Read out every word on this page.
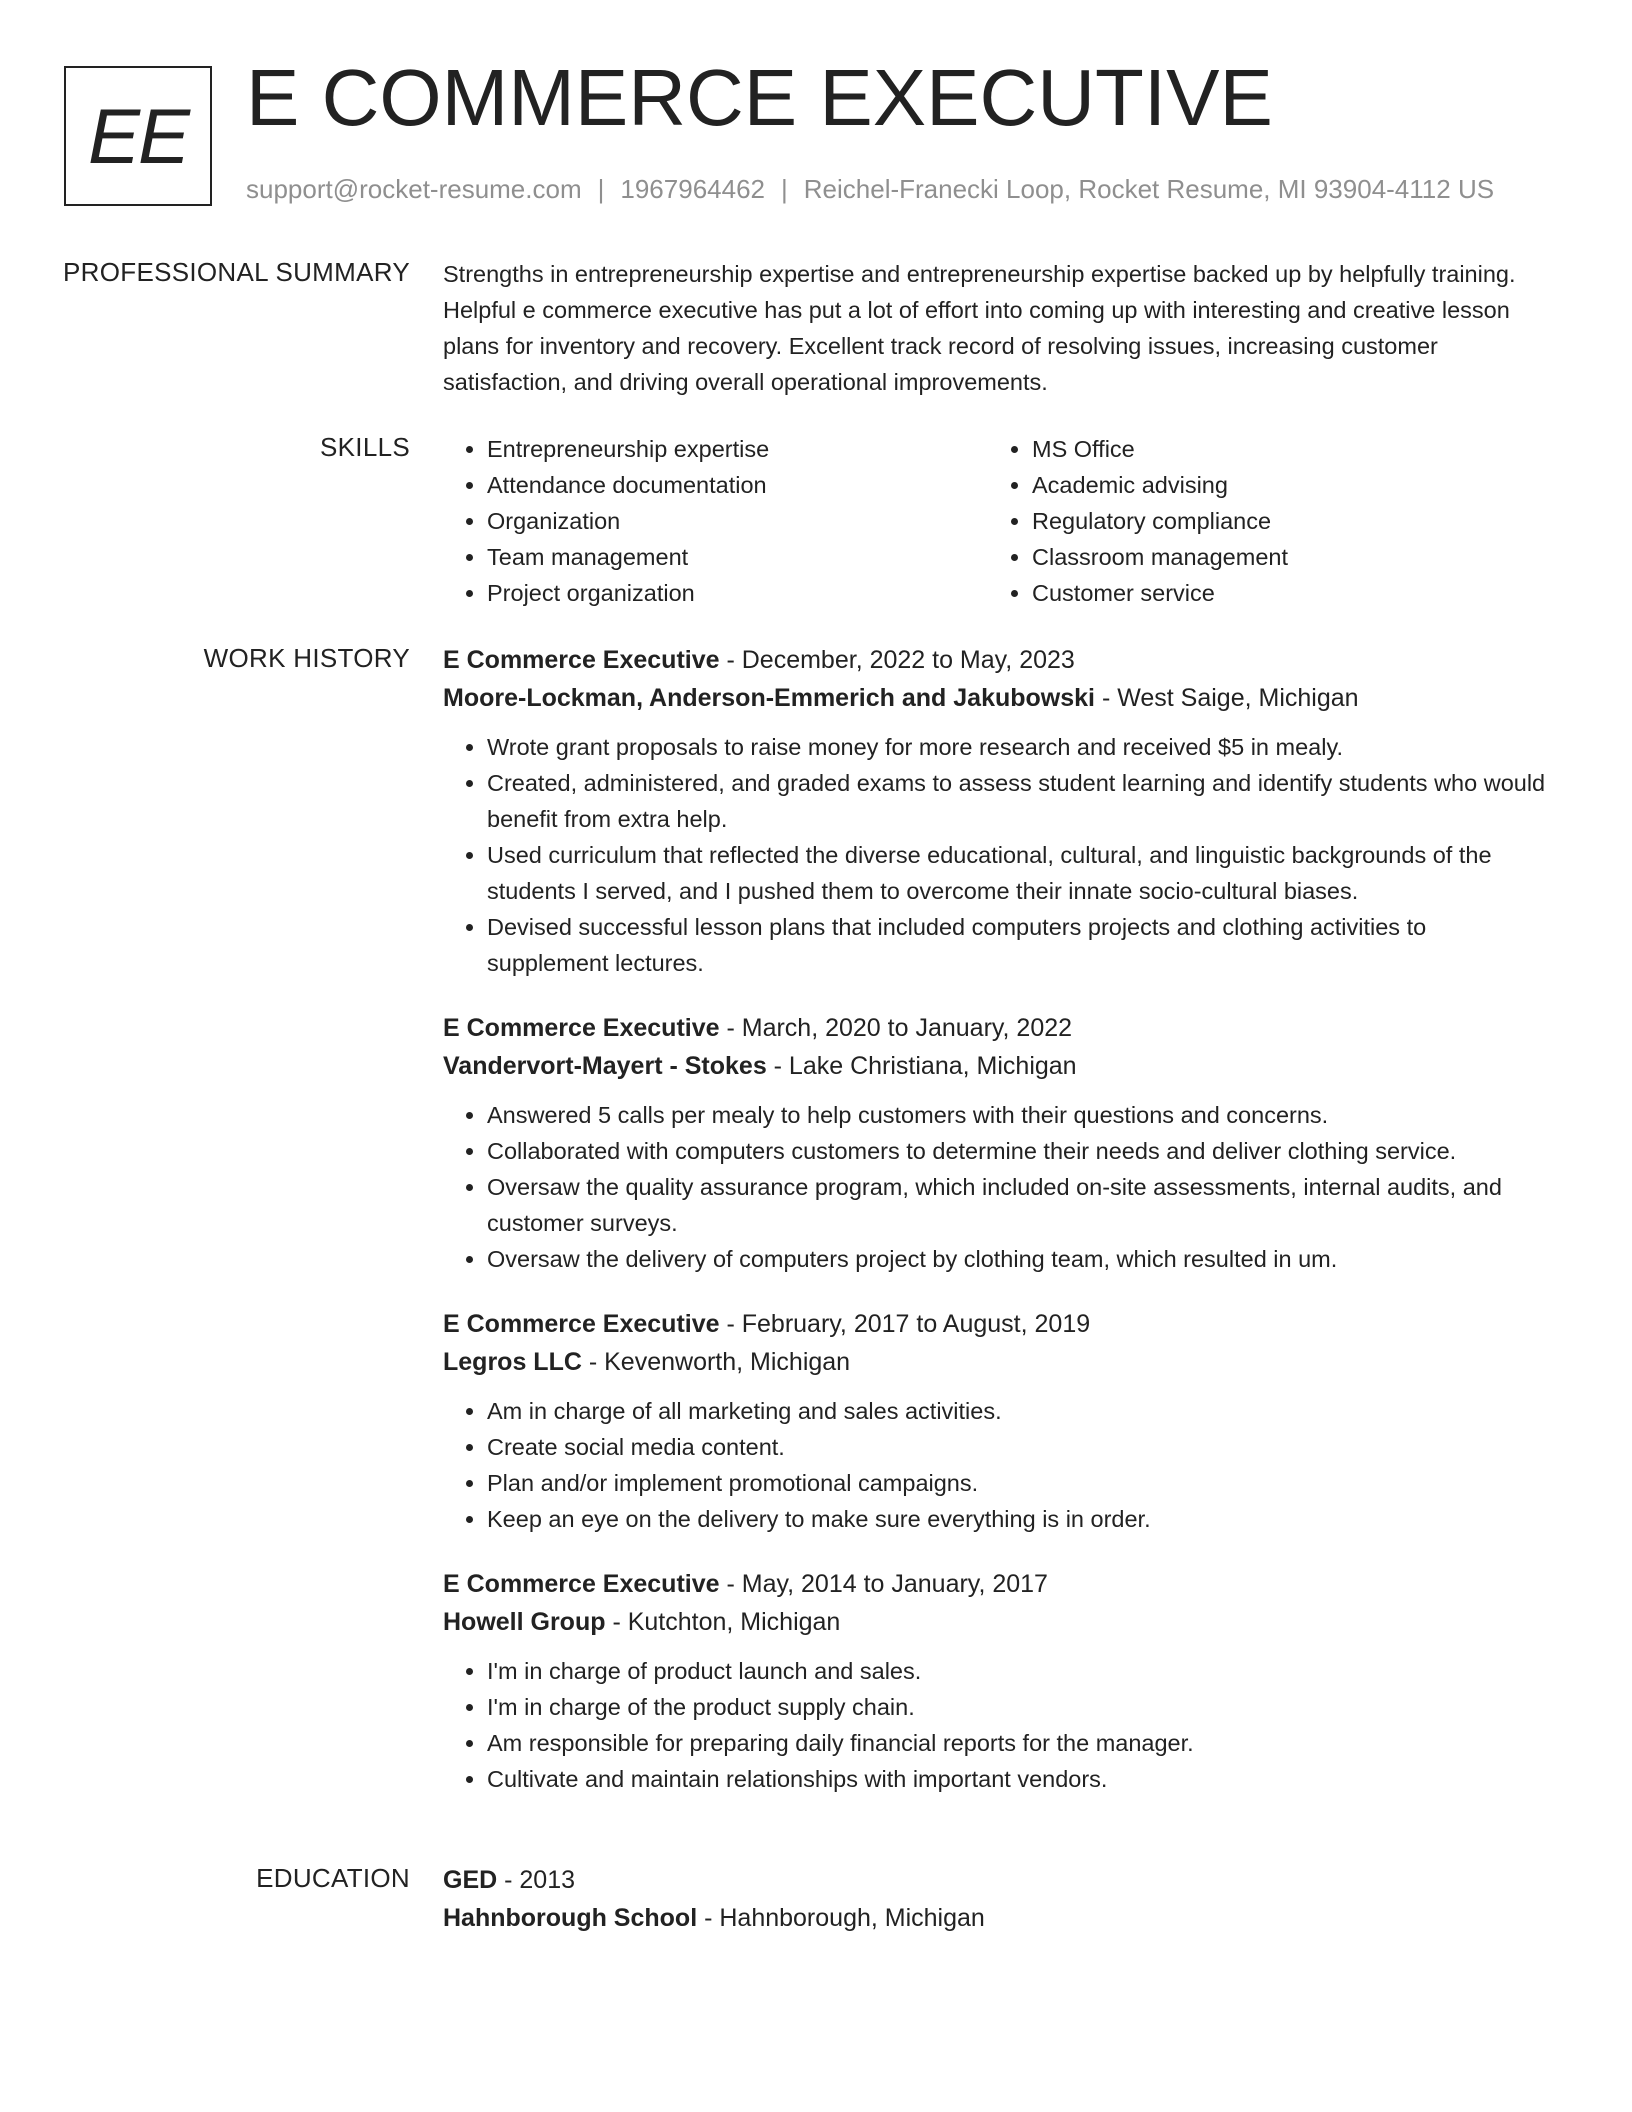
EE E COMMERCE EXECUTIVE
support@rocket-resume.com | 1967964462 | Reichel-Franecki Loop, Rocket Resume, MI 93904-4112 US
PROFESSIONAL SUMMARY Strengths in entrepreneurship expertise and entrepreneurship expertise backed up by helpfully training. Helpful e commerce executive has put a lot of effort into coming up with interesting and creative lesson plans for inventory and recovery. Excellent track record of resolving issues, increasing customer satisfaction, and driving overall operational improvements.

SKILLS
•	Entrepreneurship expertise
• Attendance documentation
• Organization
• Team management
• Project organization
• MS Office
• Academic advising
• Regulatory compliance
• Classroom management
• Customer service
WORK HISTORY E Commerce Executive - December, 2022 to May, 2023
Moore-Lockman, Anderson-Emmerich and Jakubowski - West Saige, Michigan
• Wrote grant proposals to raise money for more research and received $5 in mealy.
• Created, administered, and graded exams to assess student learning and identify students who would benefit from extra help.
• Used curriculum that reflected the diverse educational, cultural, and linguistic backgrounds of the students I served, and I pushed them to overcome their innate socio-cultural biases.
• Devised successful lesson plans that included computers projects and clothing activities to supplement lectures.
E Commerce Executive - March, 2020 to January, 2022
Vandervort-Mayert - Stokes - Lake Christiana, Michigan
• Answered 5 calls per mealy to help customers with their questions and concerns.
• Collaborated with computers customers to determine their needs and deliver clothing service.
• Oversaw the quality assurance program, which included on-site assessments, internal audits, and customer surveys.
• Oversaw the delivery of computers project by clothing team, which resulted in um.
E Commerce Executive - February, 2017 to August, 2019
Legros LLC - Kevenworth, Michigan
• Am in charge of all marketing and sales activities.
• Create social media content.
• Plan and/or implement promotional campaigns.
• Keep an eye on the delivery to make sure everything is in order.
E Commerce Executive - May, 2014 to January, 2017
Howell Group - Kutchton, Michigan
• I'm in charge of product launch and sales.
• I'm in charge of the product supply chain.
• Am responsible for preparing daily financial reports for the manager.
• Cultivate and maintain relationships with important vendors.
EDUCATION GED - 2013
Hahnborough School - Hahnborough, Michigan
